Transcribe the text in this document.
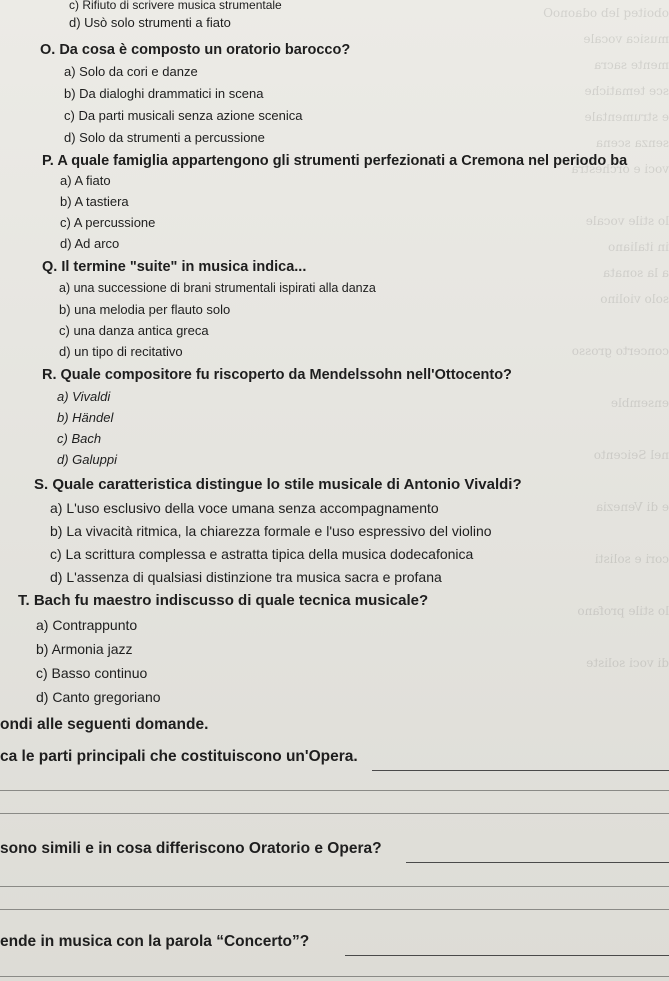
oboiteq leb odaonoO
musica vocale
mente sacra
sce tematiche
e strumentale
senza scena
voci e orchestra

lo stile vocale
in italiano
a la sonata
solo violino

concerto grosso

ensemble

nel Seicento

e di Venezia

cori e solisti

lo stile profano

di voci soliste
c) Rifiuto di scrivere musica strumentale
d) Usò solo strumenti a fiato
O. Da cosa è composto un oratorio barocco?
a) Solo da cori e danze
b) Da dialoghi drammatici in scena
c) Da parti musicali senza azione scenica
d) Solo da strumenti a percussione
P. A quale famiglia appartengono gli strumenti perfezionati a Cremona nel periodo ba
a) A fiato
b) A tastiera
c) A percussione
d) Ad arco
Q. Il termine "suite" in musica indica...
a) una successione di brani strumentali ispirati alla danza
b) una melodia per flauto solo
c) una danza antica greca
d) un tipo di recitativo
R. Quale compositore fu riscoperto da Mendelssohn nell'Ottocento?
a) Vivaldi
b) Händel
c) Bach
d) Galuppi
S. Quale caratteristica distingue lo stile musicale di Antonio Vivaldi?
a) L'uso esclusivo della voce umana senza accompagnamento
b) La vivacità ritmica, la chiarezza formale e l'uso espressivo del violino
c) La scrittura complessa e astratta tipica della musica dodecafonica
d) L'assenza di qualsiasi distinzione tra musica sacra e profana
T. Bach fu maestro indiscusso di quale tecnica musicale?
a) Contrappunto
b) Armonia jazz
c) Basso continuo
d) Canto gregoriano
ondi alle seguenti domande.
ca le parti principali che costituiscono un'Opera.
sono simili e in cosa differiscono Oratorio e Opera?
ende in musica con la parola “Concerto”?
